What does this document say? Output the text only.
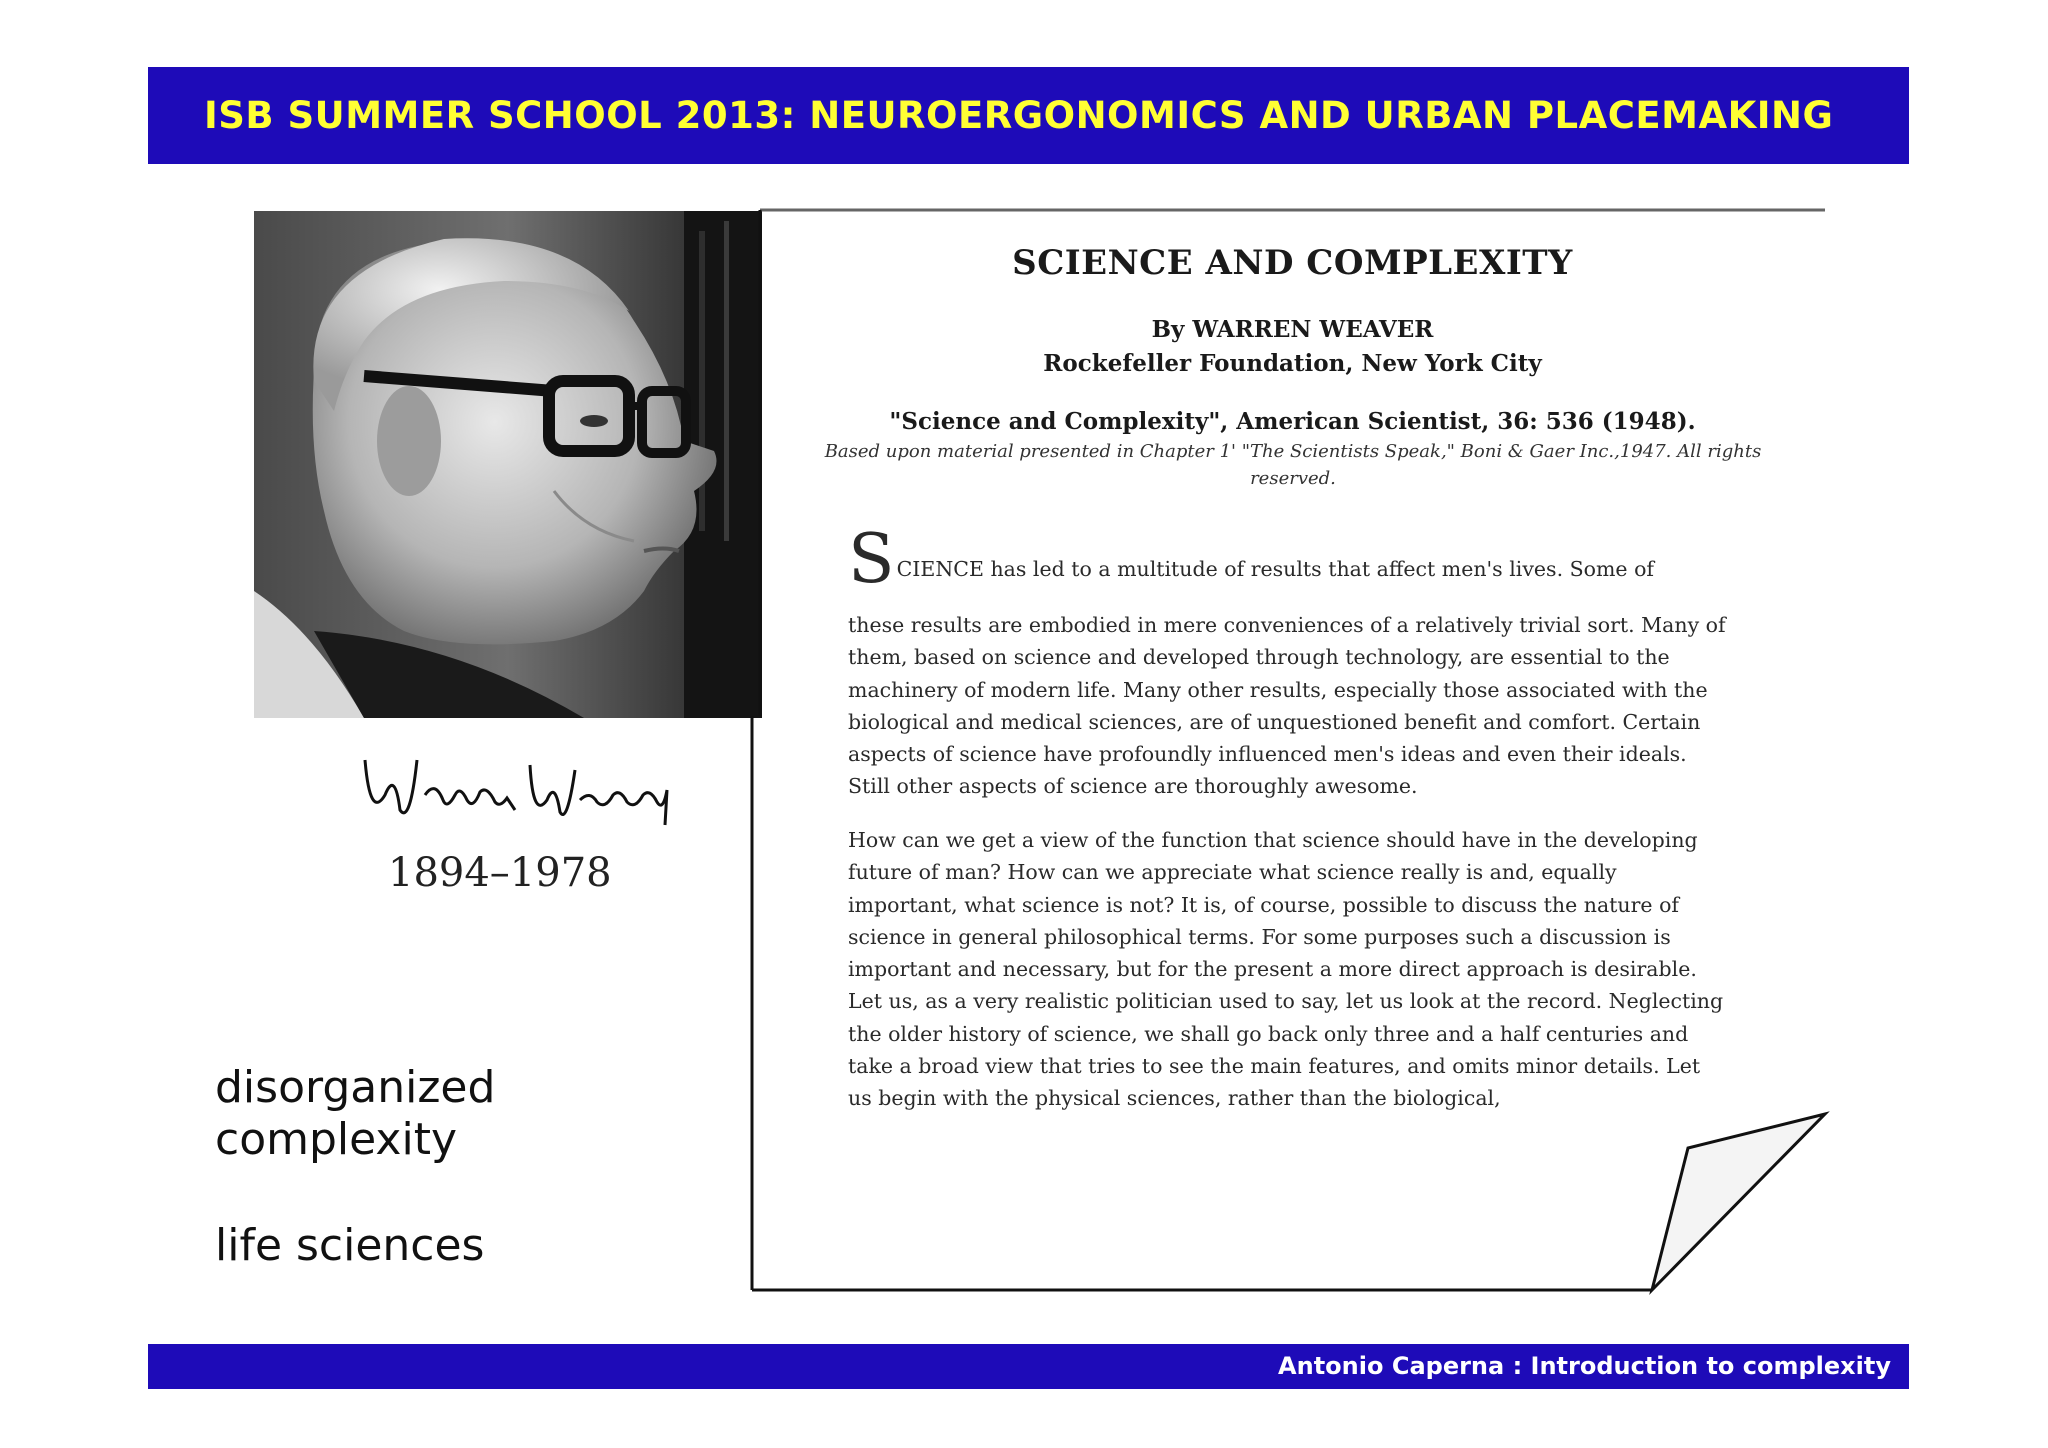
ISB SUMMER SCHOOL 2013: NEUROERGONOMICS AND URBAN PLACEMAKING
Warren Weaver
1894–1978
disorganized
complexity
life sciences
SCIENCE AND COMPLEXITY
By WARREN WEAVER
Rockefeller Foundation, New York City
"Science and Complexity", American Scientist, 36: 536 (1948).
Based upon material presented in Chapter 1' "The Scientists Speak," Boni & Gaer Inc.,1947. All rights reserved.
SCIENCE has led to a multitude of results that affect men's lives. Some of
these results are embodied in mere conveniences of a relatively trivial sort. Many of them, based on science and developed through technology, are essential to the machinery of modern life. Many other results, especially those associated with the biological and medical sciences, are of unquestioned benefit and comfort. Certain aspects of science have profoundly influenced men's ideas and even their ideals. Still other aspects of science are thoroughly awesome.
How can we get a view of the function that science should have in the developing future of man? How can we appreciate what science really is and, equally important, what science is not? It is, of course, possible to discuss the nature of science in general philosophical terms. For some purposes such a discussion is important and necessary, but for the present a more direct approach is desirable. Let us, as a very realistic politician used to say, let us look at the record. Neglecting the older history of science, we shall go back only three and a half centuries and take a broad view that tries to see the main features, and omits minor details. Let us begin with the physical sciences, rather than the biological,
Antonio Caperna : Introduction to complexity
